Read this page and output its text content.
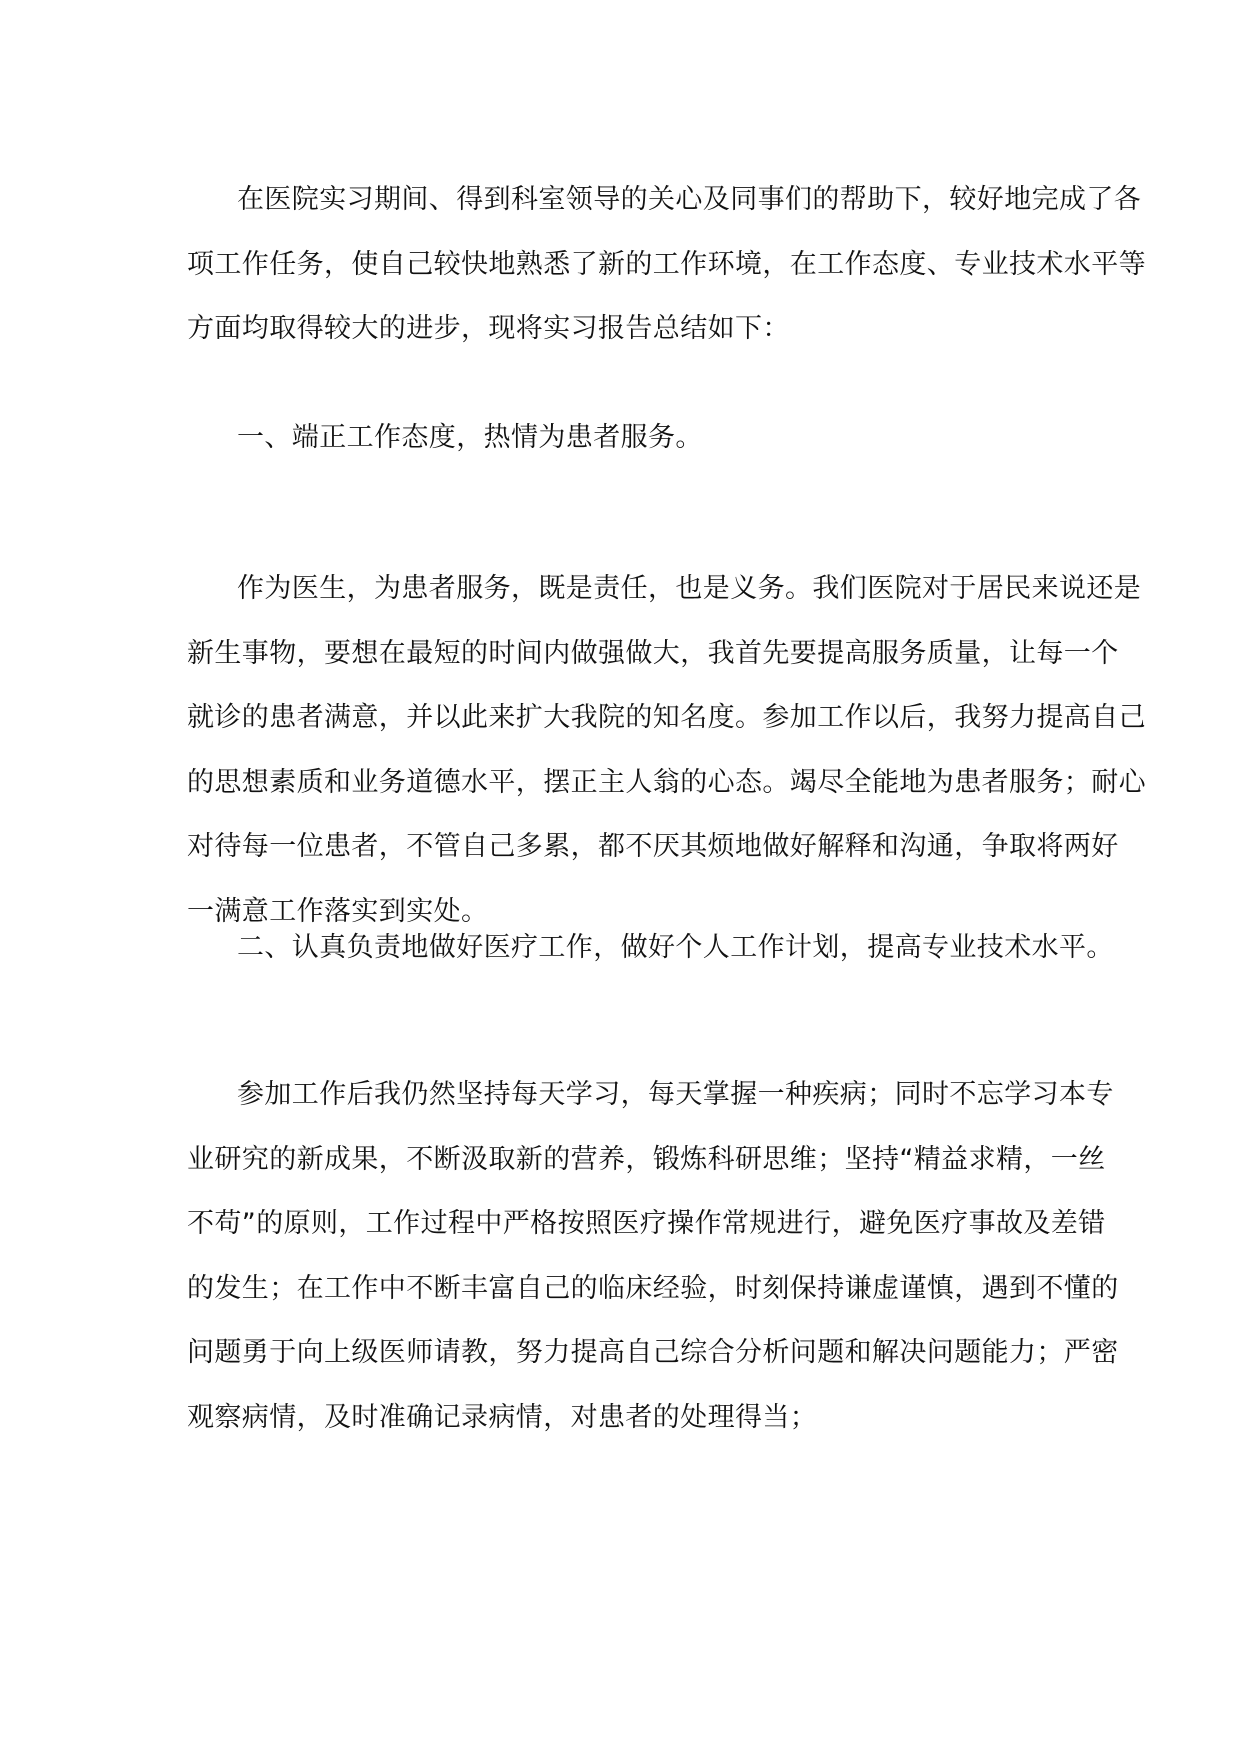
在医院实习期间、得到科室领导的关心及同事们的帮助下，较好地完成了各
项工作任务，使自己较快地熟悉了新的工作环境，在工作态度、专业技术水平等
方面均取得较大的进步，现将实习报告总结如下：
一、端正工作态度，热情为患者服务。
作为医生，为患者服务，既是责任，也是义务。我们医院对于居民来说还是
新生事物，要想在最短的时间内做强做大，我首先要提高服务质量，让每一个
就诊的患者满意，并以此来扩大我院的知名度。参加工作以后，我努力提高自己
的思想素质和业务道德水平，摆正主人翁的心态。竭尽全能地为患者服务；耐心
对待每一位患者，不管自己多累，都不厌其烦地做好解释和沟通，争取将两好
一满意工作落实到实处。
二、认真负责地做好医疗工作，做好个人工作计划，提高专业技术水平。
参加工作后我仍然坚持每天学习，每天掌握一种疾病；同时不忘学习本专
业研究的新成果，不断汲取新的营养，锻炼科研思维；坚持“精益求精，一丝
不苟”的原则，工作过程中严格按照医疗操作常规进行，避免医疗事故及差错
的发生；在工作中不断丰富自己的临床经验，时刻保持谦虚谨慎，遇到不懂的
问题勇于向上级医师请教，努力提高自己综合分析问题和解决问题能力；严密
观察病情，及时准确记录病情，对患者的处理得当；
